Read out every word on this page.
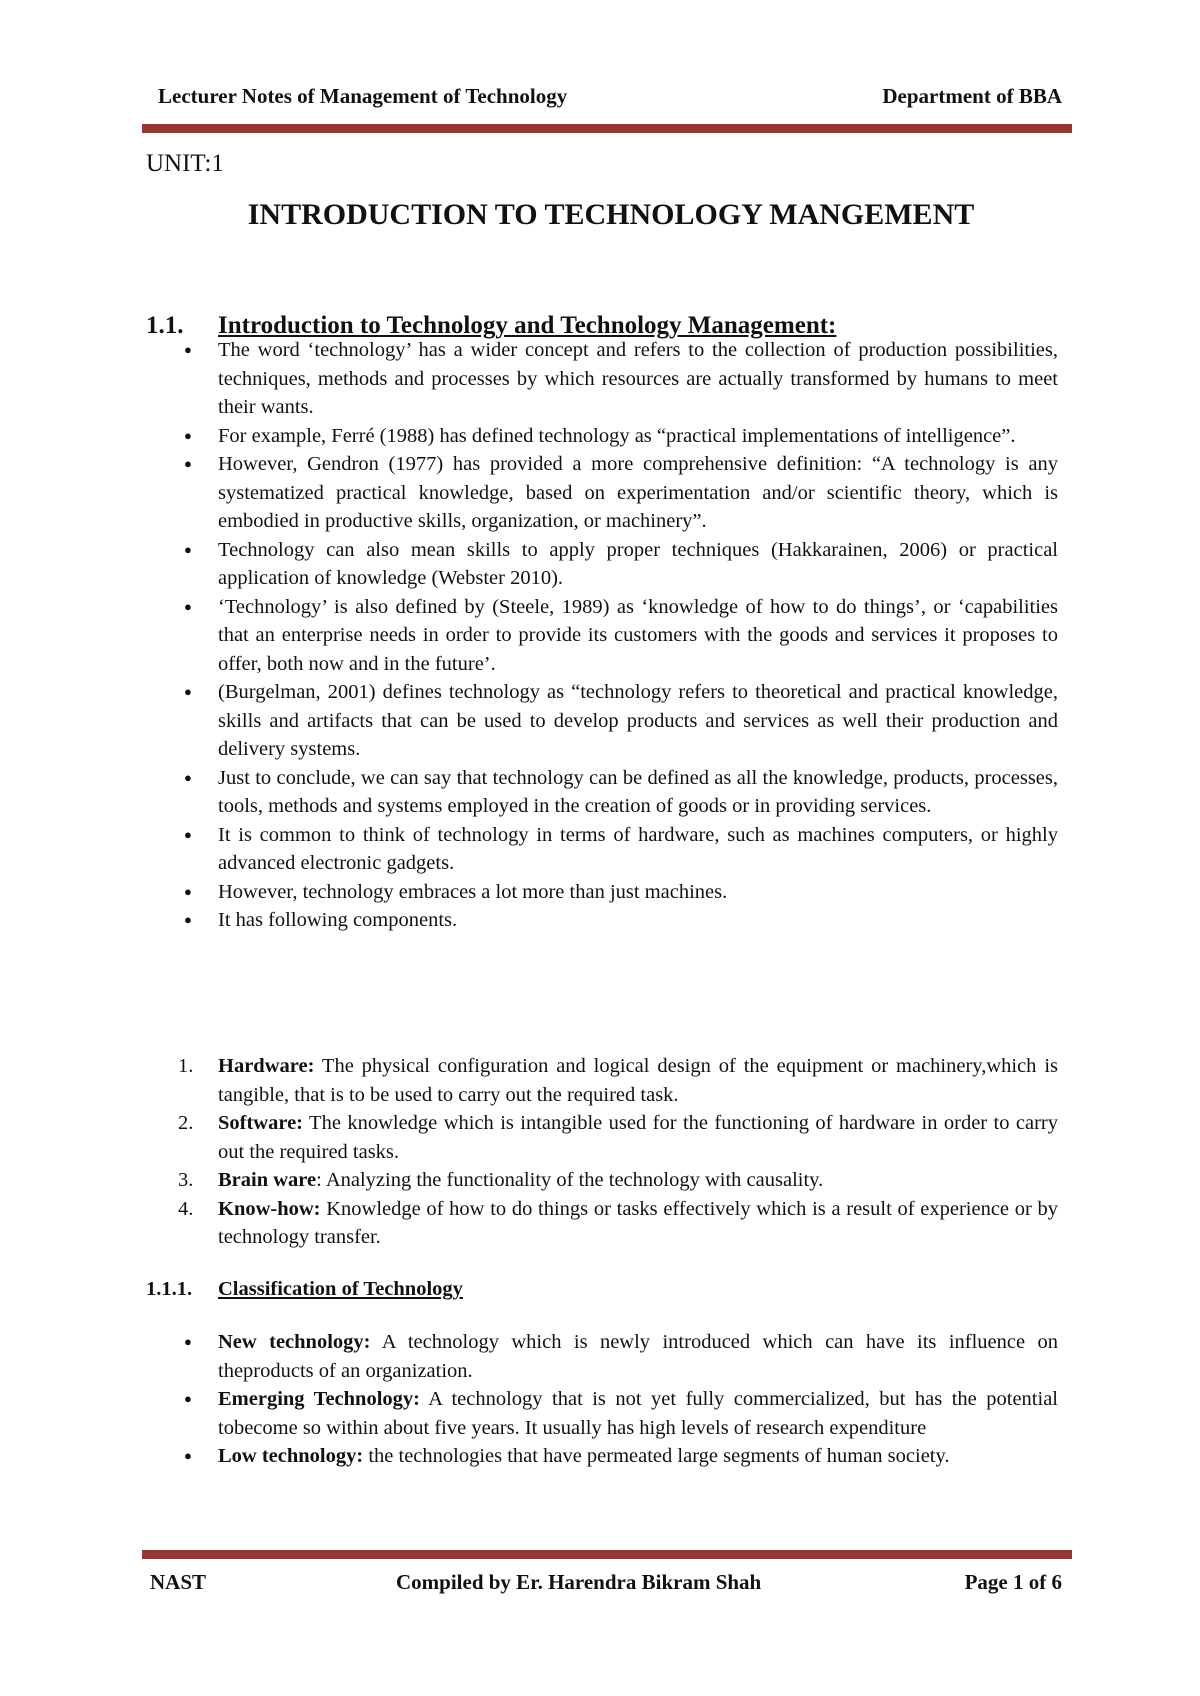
Lecturer Notes of Management of Technology	Department of BBA
UNIT:1
INTRODUCTION TO TECHNOLOGY MANGEMENT
1.1.	Introduction to Technology and Technology Management:
● The word ‘technology’ has a wider concept and refers to the collection of production possibilities, techniques, methods and processes by which resources are actually transformed by humans to meet their wants.
● For example, Ferré (1988) has defined technology as “practical implementations of intelligence”.
● However, Gendron (1977) has provided a more comprehensive definition: “A technology is any systematized practical knowledge, based on experimentation and/or scientific theory, which is embodied in productive skills, organization, or machinery”.
● Technology can also mean skills to apply proper techniques (Hakkarainen, 2006) or practical application of knowledge (Webster 2010).
● ‘Technology’ is also defined by (Steele, 1989) as ‘knowledge of how to do things’, or ‘capabilities that an enterprise needs in order to provide its customers with the goods and services it proposes to offer, both now and in the future’.
● (Burgelman, 2001) defines technology as “technology refers to theoretical and practical knowledge, skills and artifacts that can be used to develop products and services as well their production and delivery systems.
● Just to conclude, we can say that technology can be defined as all the knowledge, products, processes, tools, methods and systems employed in the creation of goods or in providing services.
● It is common to think of technology in terms of hardware, such as machines computers, or highly advanced electronic gadgets.
● However, technology embraces a lot more than just machines.
● It has following components.
1. Hardware: The physical configuration and logical design of the equipment or machinery,which is tangible, that is to be used to carry out the required task.
2. Software: The knowledge which is intangible used for the functioning of hardware in order to carry out the required tasks.
3. Brain ware: Analyzing the functionality of the technology with causality.
4. Know-how: Knowledge of how to do things or tasks effectively which is a result of experience or by technology transfer.
1.1.1.	Classification of Technology
● New technology: A technology which is newly introduced which can have its influence on theproducts of an organization.
● Emerging Technology: A technology that is not yet fully commercialized, but has the potential tobecome so within about five years. It usually has high levels of research expenditure
● Low technology: the technologies that have permeated large segments of human society.
NAST	Compiled by Er. Harendra Bikram Shah	Page 1 of 6
